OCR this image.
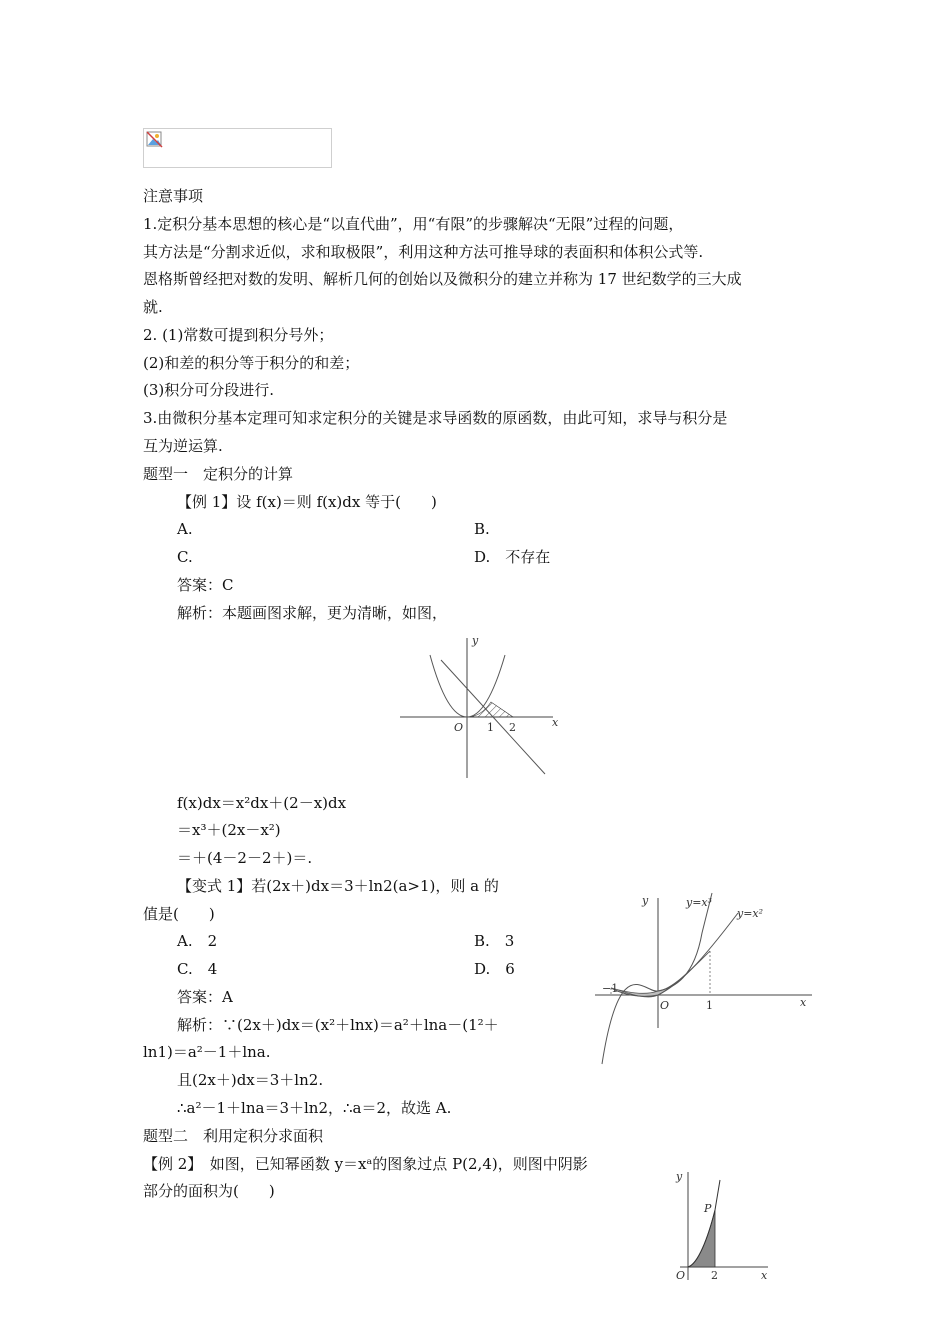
注意事项
1.定积分基本思想的核心是“以直代曲”，用“有限”的步骤解决“无限”过程的问题，
其方法是“分割求近似，求和取极限”，利用这种方法可推导球的表面积和体积公式等.
恩格斯曾经把对数的发明、解析几何的创始以及微积分的建立并称为 17 世纪数学的三大成
就.
2. (1)常数可提到积分号外；
(2)和差的积分等于积分的和差；
(3)积分可分段进行.
3.由微积分基本定理可知求定积分的关键是求导函数的原函数，由此可知，求导与积分是
互为逆运算.
题型一　定积分的计算
【例 1】设 f(x)＝则 f(x)dx 等于(　　)
A.	B.
C.	D.　不存在
答案：C
解析：本题画图求解，更为清晰，如图，
y
x
O 1 2
f(x)dx＝x²dx＋(2－x)dx
＝x³＋(2x－x²)
＝＋(4－2－2＋)＝.
【变式 1】若(2x＋)dx＝3＋ln2(a>1)，则 a 的
值是(　　)
A.　2	B.　3
C.　4	D.　6
答案：A
解析：∵(2x＋)dx＝(x²＋lnx)＝a²＋lna－(1²＋
ln1)＝a²－1＋lna.
且(2x＋)dx＝3＋ln2.
∴a²－1＋lna＝3＋ln2，∴a＝2，故选 A.
y
x
O
−1
1
y=x³
y=x²
题型二　利用定积分求面积
【例 2】　如图，已知幂函数 y＝xᵃ的图象过点 P(2,4)，则图中阴影
部分的面积为(　　)
y
x
O
P
2
